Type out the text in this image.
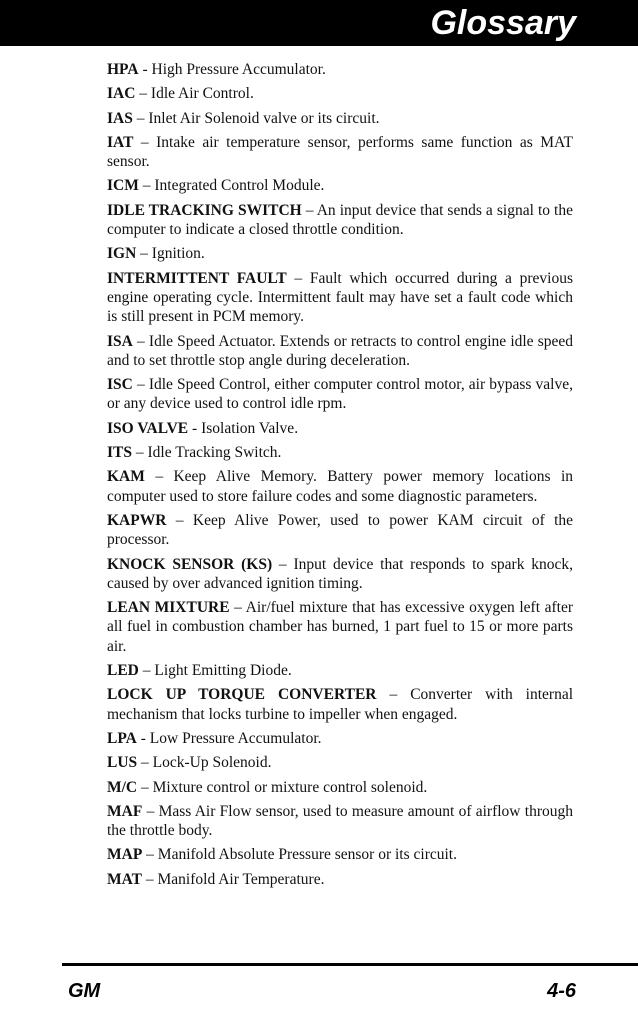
Glossary

HPA - High Pressure Accumulator.

IAC – Idle Air Control.

IAS – Inlet Air Solenoid valve or its circuit.

IAT – Intake air temperature sensor, performs same function as MAT sensor.

ICM – Integrated Control Module.

IDLE TRACKING SWITCH – An input device that sends a signal to the computer to indicate a closed throttle condition.

IGN – Ignition.

INTERMITTENT FAULT – Fault which occurred during a previous engine operating cycle. Intermittent fault may have set a fault code which is still present in PCM memory.

ISA – Idle Speed Actuator. Extends or retracts to control engine idle speed and to set throttle stop angle during deceleration.

ISC – Idle Speed Control, either computer control motor, air bypass valve, or any device used to control idle rpm.

ISO VALVE - Isolation Valve.

ITS – Idle Tracking Switch.

KAM – Keep Alive Memory. Battery power memory locations in computer used to store failure codes and some diagnostic parameters.

KAPWR – Keep Alive Power, used to power KAM circuit of the processor.

KNOCK SENSOR (KS) – Input device that responds to spark knock, caused by over advanced ignition timing.

LEAN MIXTURE – Air/fuel mixture that has excessive oxygen left after all fuel in combustion chamber has burned, 1 part fuel to 15 or more parts air.

LED – Light Emitting Diode.

LOCK UP TORQUE CONVERTER – Converter with internal mechanism that locks turbine to impeller when engaged.

LPA - Low Pressure Accumulator.

LUS – Lock-Up Solenoid.

M/C – Mixture control or mixture control solenoid.

MAF – Mass Air Flow sensor, used to measure amount of airflow through the throttle body.

MAP – Manifold Absolute Pressure sensor or its circuit.

MAT – Manifold Air Temperature.

GM	4-6
